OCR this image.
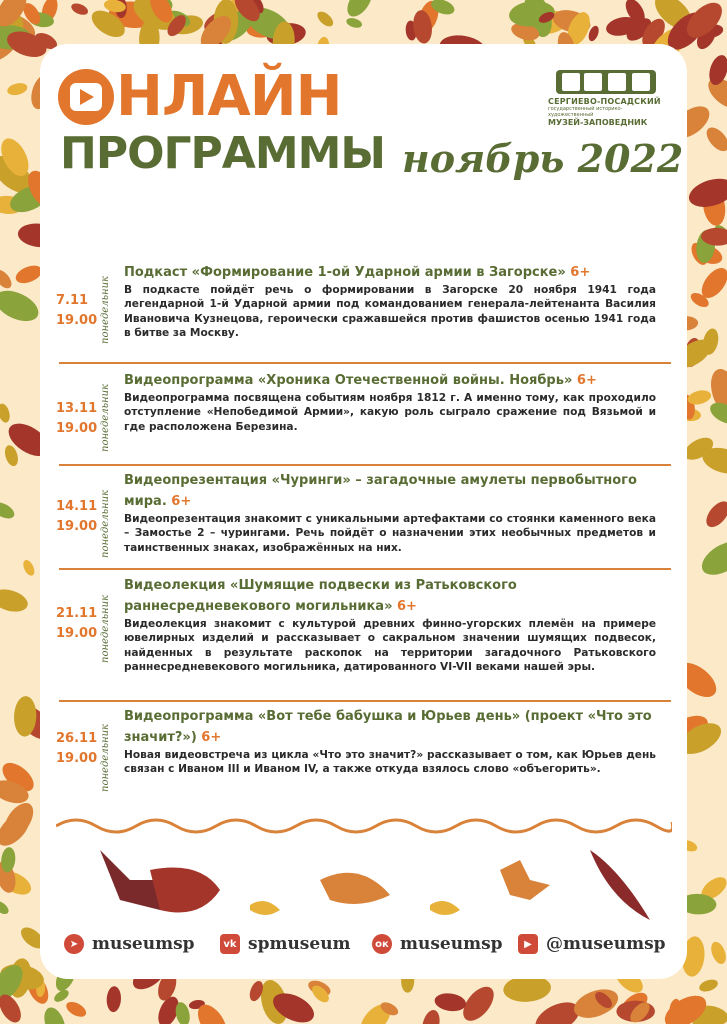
НЛАЙН
ПРОГРАММЫ ноябрь 2022
СЕРГИЕВО-ПОСАДСКИЙ
государственный историко-художественный
МУЗЕЙ-ЗАПОВЕДНИК
7.11
19.00 понедельник
Подкаст «Формирование 1-ой Ударной армии в Загорске» 6+
В подкасте пойдёт речь о формировании в Загорске 20 ноября 1941 года легендарной 1-й Ударной армии под командованием генерала-лейтенанта Василия Ивановича Кузнецова, героически сражавшейся против фашистов осенью 1941 года в битве за Москву.
13.11
19.00 понедельник
Видеопрограмма «Хроника Отечественной войны. Ноябрь» 6+
Видеопрограмма посвящена событиям ноября 1812 г. А именно тому, как проходило отступление «Непобедимой Армии», какую роль сыграло сражение под Вязьмой и где расположена Березина.
14.11
19.00 понедельник
Видеопрезентация «Чуринги» – загадочные амулеты первобытного мира. 6+
Видеопрезентация знакомит с уникальными артефактами со стоянки каменного века – Замостье 2 – чурингами. Речь пойдёт о назначении этих необычных предметов и таинственных знаках, изображённых на них.
21.11
19.00 понедельник
Видеолекция «Шумящие подвески из Ратьковского раннесредневекового могильника» 6+
Видеолекция знакомит с культурой древних финно-угорских племён на примере ювелирных изделий и рассказывает о сакральном значении шумящих подвесок, найденных в результате раскопок на территории загадочного Ратьковского раннесредневекового могильника, датированного VI-VII веками нашей эры.
26.11
19.00 понедельник
Видеопрограмма «Вот тебе бабушка и Юрьев день» (проект «Что это значит?») 6+
Новая видеовстреча из цикла «Что это значит?» рассказывает о том, как Юрьев день связан с Иваном III и Иваном IV, а также откуда взялось слово «объегорить».
➤ museumsp	vk spmuseum	ок museumsp	▶ @museumsp
